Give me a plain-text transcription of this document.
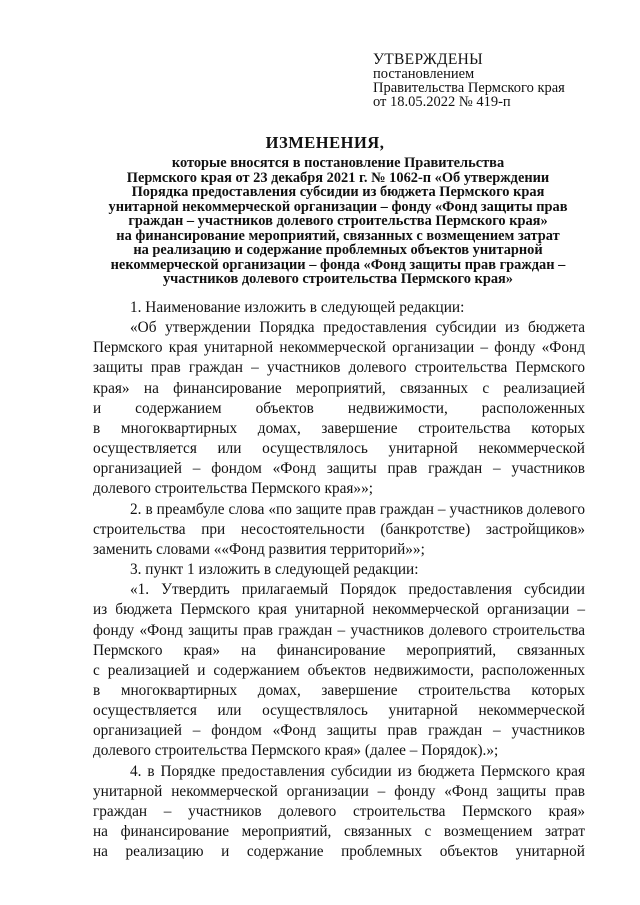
УТВЕРЖДЕНЫ
постановлением
Правительства Пермского края
от 18.05.2022 № 419-п
ИЗМЕНЕНИЯ,
которые вносятся в постановление Правительства
Пермского края от 23 декабря 2021 г. № 1062-п «Об утверждении
Порядка предоставления субсидии из бюджета Пермского края
унитарной некоммерческой организации – фонду «Фонд защиты прав
граждан – участников долевого строительства Пермского края»
на финансирование мероприятий, связанных с возмещением затрат
на реализацию и содержание проблемных объектов унитарной
некоммерческой организации – фонда «Фонд защиты прав граждан –
участников долевого строительства Пермского края»
1. Наименование изложить в следующей редакции:
«Об утверждении Порядка предоставления субсидии из бюджета
Пермского края унитарной некоммерческой организации – фонду «Фонд
защиты прав граждан – участников долевого строительства Пермского
края» на финансирование мероприятий, связанных с реализацией
и содержанием объектов недвижимости, расположенных
в многоквартирных домах, завершение строительства которых
осуществляется или осуществлялось унитарной некоммерческой
организацией – фондом «Фонд защиты прав граждан – участников
долевого строительства Пермского края»»;
2. в преамбуле слова «по защите прав граждан – участников долевого
строительства при несостоятельности (банкротстве) застройщиков»
заменить словами ««Фонд развития территорий»»;
3. пункт 1 изложить в следующей редакции:
«1. Утвердить прилагаемый Порядок предоставления субсидии
из бюджета Пермского края унитарной некоммерческой организации –
фонду «Фонд защиты прав граждан – участников долевого строительства
Пермского края» на финансирование мероприятий, связанных
с реализацией и содержанием объектов недвижимости, расположенных
в многоквартирных домах, завершение строительства которых
осуществляется или осуществлялось унитарной некоммерческой
организацией – фондом «Фонд защиты прав граждан – участников
долевого строительства Пермского края» (далее – Порядок).»;
4. в Порядке предоставления субсидии из бюджета Пермского края
унитарной некоммерческой организации – фонду «Фонд защиты прав
граждан – участников долевого строительства Пермского края»
на финансирование мероприятий, связанных с возмещением затрат
на реализацию и содержание проблемных объектов унитарной
